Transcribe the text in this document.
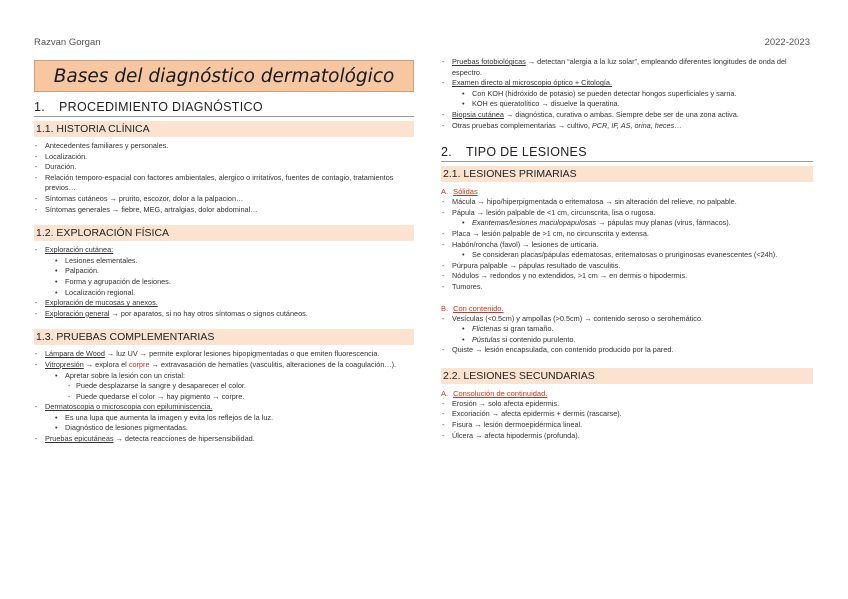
Razvan Gorgan	2022-2023
Bases del diagnóstico dermatológico
1. PROCEDIMIENTO DIAGNÓSTICO
1.1. HISTORIA CLÍNICA
- Antecedentes familiares y personales.
- Localización.
- Duración.
- Relación temporo-espacial con factores ambientales, alergico o irritativos, fuentes de contagio, tratamientos previos…
- Síntomas cutáneos → prurito, escozor, dolor a la palpacion…
- Síntomas generales → fiebre, MEG, artralgias, dolor abdominal…
1.2. EXPLORACIÓN FÍSICA
- Exploración cutánea:
• Lesiones elementales.
• Palpación.
• Forma y agrupación de lesiones.
• Localización regional.
- Exploración de mucosas y anexos.
- Exploración general → por aparatos, si no hay otros síntomas o signos cutáneos.
1.3. PRUEBAS COMPLEMENTARIAS
- Lámpara de Wood → luz UV → permite explorar lesiones hipopigmentadas o que emiten fluorescencia.
- Vitropresión → explora el corpre → extravasación de hematíes (vasculitis, alteraciones de la coagulación…).
• Apretar sobre la lesión con un cristal:
- Puede desplazarse la sangre y desaparecer el color.
- Puede quedarse el color → hay pigmento → corpre.
- Dermatoscopia o microscopia con epiluminiscencia.
• Es una lupa que aumenta la imagen y evita los reflejos de la luz.
• Diagnóstico de lesiones pigmentadas.
- Pruebas epicutáneas → detecta reacciones de hipersensibilidad.
- Pruebas fotobiológicas → detectan “alergia a la luz solar”, empleando diferentes longitudes de onda del espectro.
- Examen directo al microscopio óptico + Citología.
• Con KOH (hidróxido de potasio) se pueden detectar hongos superficiales y sarna.
• KOH es queratolítico → disuelve la queratina.
- Biopsia cutánea → diagnóstica, curativa o ambas. Siempre debe ser de una zona activa.
- Otras pruebas complementarias → cultivo, PCR, IF, AS, orina, heces…
2. TIPO DE LESIONES
2.1. LESIONES PRIMARIAS

A. Sólidas

- Mácula → hipo/hiperpigmentada o eritematosa → sin alteración del relieve, no palpable.
- Pápula → lesión palpable de <1 cm, circunscrita, lisa o rugosa.
• Exantemas/lesiones maculopapulosas → pápulas muy planas (virus, fármacos).
- Placa → lesión palpable de >1 cm, no circunscrita y extensa.
- Habón/roncha (favol) → lesiones de urticaria.
• Se consideran placas/pápulas edematosas, eritematosas o pruriginosas evanescentes (<24h).
- Púrpura palpable → pápulas resultado de vasculitis.
- Nódulos → redondos y no extendidos, >1 cm → en dermis o hipodermis.
- Tumores.

B. Con contenido.

- Vesículas (<0.5cm) y ampollas (>0.5cm) → contenido seroso o serohemático.
• Flictenas si gran tamaño.
• Pústulas si contenido purulento.
- Quiste → lesión encapsulada, con contenido producido por la pared.
2.2. LESIONES SECUNDARIAS

A. Consolución de continuidad.

- Erosión → solo afecta epidermis.
- Excoriación → afecta epidermis + dermis (rascarse).
- Fisura → lesión dermoepidérmica lineal.
- Úlcera → afecta hipodermis (profunda).
